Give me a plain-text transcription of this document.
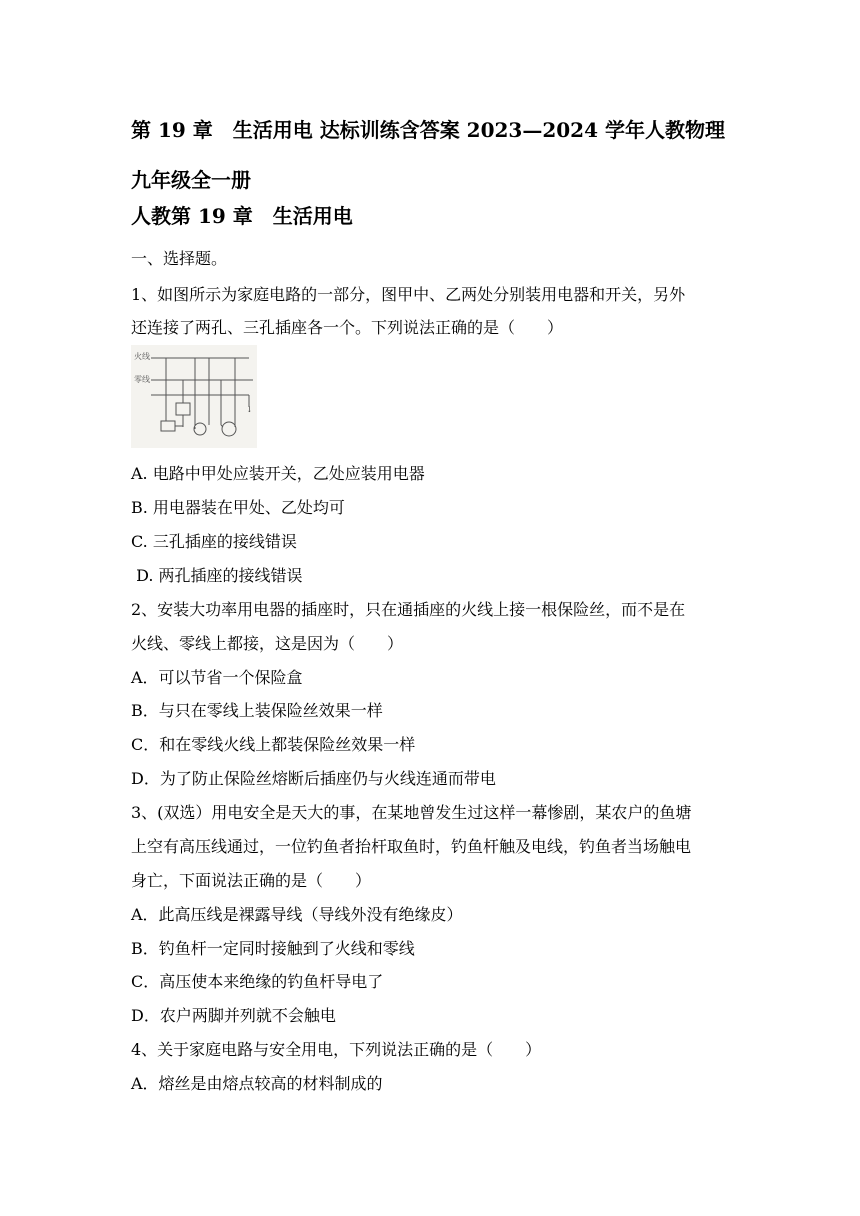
第 19 章　生活用电 达标训练含答案 2023—2024 学年人教物理九年级全一册
人教第 19 章　生活用电
一、选择题。
1、如图所示为家庭电路的一部分，图甲中、乙两处分别装用电器和开关，另外
还连接了两孔、三孔插座各一个。下列说法正确的是（　　）
火线
零线
↓
A. 电路中甲处应装开关，乙处应装用电器
B. 用电器装在甲处、乙处均可
C. 三孔插座的接线错误
D. 两孔插座的接线错误
2、安装大功率用电器的插座时，只在通插座的火线上接一根保险丝，而不是在
火线、零线上都接，这是因为（　　）
A．可以节省一个保险盒
B．与只在零线上装保险丝效果一样
C．和在零线火线上都装保险丝效果一样
D．为了防止保险丝熔断后插座仍与火线连通而带电
3、(双选）用电安全是天大的事，在某地曾发生过这样一幕惨剧，某农户的鱼塘
上空有高压线通过，一位钓鱼者抬杆取鱼时，钓鱼杆触及电线，钓鱼者当场触电
身亡，下面说法正确的是（　　）
A．此高压线是裸露导线（导线外没有绝缘皮）
B．钓鱼杆一定同时接触到了火线和零线
C．高压使本来绝缘的钓鱼杆导电了
D．农户两脚并列就不会触电
4、关于家庭电路与安全用电，下列说法正确的是（　　）
A．熔丝是由熔点较高的材料制成的
